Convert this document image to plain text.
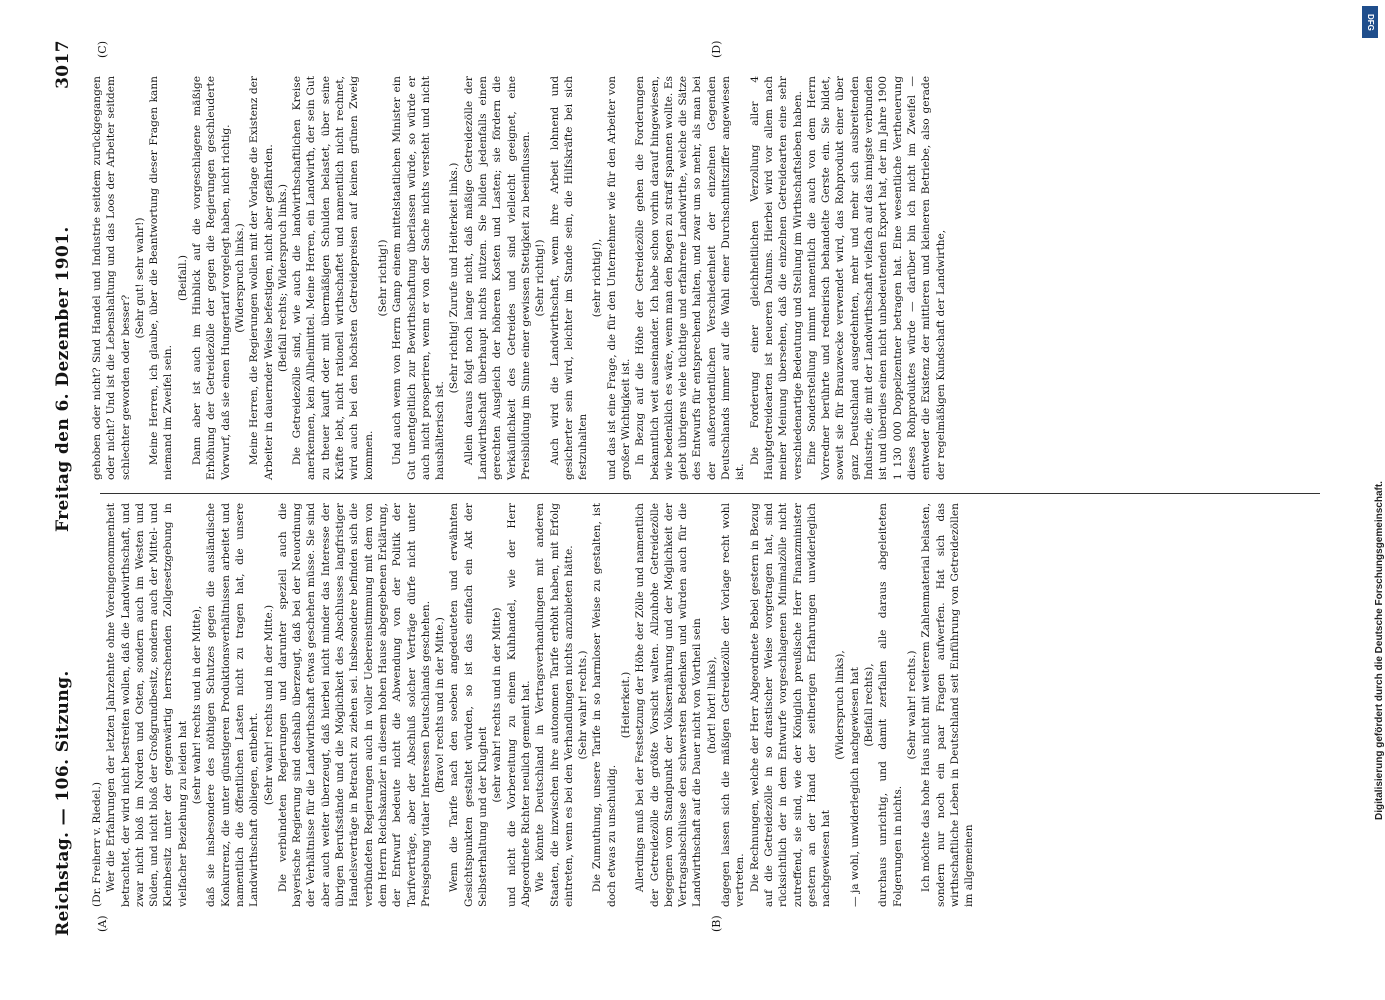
Reichstag. — 106. Sitzung.
Freitag den 6. Dezember 1901.
3017
(A)	(B)
(C)	(D)

(Dr. Freiherr v. Riedel.) Wer die Erfahrungen der letzten Jahrzehnte ohne Voreingenommenheit betrachtet, der wird nicht bestreiten wollen, daß die Landwirthschaft, und zwar nicht bloß im Norden und Osten, sondern auch im Westen und Süden, und nicht bloß der Großgrundbesitz, sondern auch der Mittel- und Kleinbesitz unter der gegenwärtig herrschenden Zollgesetzgebung in vielfacher Beziehung zu leiden hat

(sehr wahr! rechts und in der Mitte), daß sie insbesondere des nöthigen Schutzes gegen die ausländische Konkurrenz, die unter günstigeren Produktionsverhältnissen arbeitet und namentlich die öffentlichen Lasten nicht zu tragen hat, die unsere Landwirthschaft obliegen, entbehrt.

(Sehr wahr! rechts und in der Mitte.) Die verbündeten Regierungen und darunter speziell auch die bayerische Regierung sind deshalb überzeugt, daß bei der Neuordnung der Verhältnisse für die Landwirthschaft etwas geschehen müsse. Sie sind aber auch weiter überzeugt, daß hierbei nicht minder das Interesse der übrigen Berufsstände und die Möglichkeit des Abschlusses langfristiger Handelsverträge in Betracht zu ziehen sei. Insbesondere befinden sich die verbündeten Regierungen auch in voller Uebereinstimmung mit dem von dem Herrn Reichskanzler in diesem hohen Hause abgegebenen Erklärung, der Entwurf bedeute nicht die Abwendung von der Politik der Tarifverträge, aber der Abschluß solcher Verträge dürfe nicht unter Preisgebung vitaler Interessen Deutschlands geschehen. (Bravo! rechts und in der Mitte.) Wenn die Tarife nach den soeben angedeuteten und erwähnten Gesichtspunkten gestaltet würden, so ist das einfach ein Akt der Selbsterhaltung und der Klugheit

(sehr wahr! rechts und in der Mitte) und nicht die Vorbereitung zu einem Kuhhandel, wie der Herr Abgeordnete Richter neulich gemeint hat. Wie könnte Deutschland in Vertragsverhandlungen mit anderen Staaten, die inzwischen ihre autonomen Tarife erhöht haben, mit Erfolg eintreten, wenn es bei den Verhandlungen nichts anzubieten hätte. (Sehr wahr! rechts.) Die Zumuthung, unsere Tarife in so harmloser Weise zu gestalten, ist doch etwas zu unschuldig.

(Heiterkeit.) Allerdings muß bei der Festsetzung der Höhe der Zölle und namentlich der Getreidezölle die größte Vorsicht walten. Allzuhohe Getreidezölle begegnen vom Standpunkt der Volksernährung und der Möglichkeit der Vertragsabschlüsse den schwersten Bedenken und würden auch für die Landwirthschaft auf die Dauer nicht von Vortheil sein (hört! hört! links), dagegen lassen sich die mäßigen Getreidezölle der Vorlage recht wohl vertreten. Die Rechnungen, welche der Herr Abgeordnete Bebel gestern in Bezug auf die Getreidezölle in so drastischer Weise vorgetragen hat, sind rücksichtlich der in dem Entwurfe vorgeschlagenen Minimalzölle nicht zutreffend, sie sind, wie der Königlich preußische Herr Finanzminister gestern an der Hand der seitherigen Erfahrungen unwiderleglich nachgewiesen hat

(Widerspruch links), — ja wohl, unwiderleglich nachgewiesen hat (Beifall rechts), durchaus unrichtig, und damit zerfallen alle daraus abgeleiteten Folgerungen in nichts.

(Sehr wahr! rechts.) Ich möchte das hohe Haus nicht mit weiterem Zahlenmaterial belasten, sondern nur noch ein paar Fragen aufwerfen. Hat sich das wirthschaftliche Leben in Deutschland seit Einführung von Getreidezöllen im allgemeinen

gehoben oder nicht? Sind Handel und Industrie seitdem zurückgegangen oder nicht? Und ist die Lebenshaltung und das Loos der Arbeiter seitdem schlechter geworden oder besser?

(Sehr gut! sehr wahr!) Meine Herren, ich glaube, über die Beantwortung dieser Fragen kann niemand im Zweifel sein.

(Beifall.) Dann aber ist auch im Hinblick auf die vorgeschlagene mäßige Erhöhung der Getreidezölle der gegen die Regierungen geschleuderte Vorwurf, daß sie einen Hungertarif vorgelegt haben, nicht richtig. (Widerspruch links.) Meine Herren, die Regierungen wollen mit der Vorlage die Existenz der Arbeiter in dauernder Weise befestigen, nicht aber gefährden. (Beifall rechts; Widerspruch links.) Die Getreidezölle sind, wie auch die landwirthschaftlichen Kreise anerkennen, kein Allheilmittel. Meine Herren, ein Landwirth, der sein Gut zu theuer kauft oder mit übermäßigen Schulden belastet, über seine Kräfte lebt, nicht rationell wirthschaftet und namentlich nicht rechnet, wird auch bei den höchsten Getreidepreisen auf keinen grünen Zweig kommen.

(Sehr richtig!) Und auch wenn von Herrn Gamp einem mittelstaatlichen Minister ein Gut unentgeltlich zur Bewirthschaftung überlassen würde, so würde er auch nicht prosperiren, wenn er von der Sache nichts versteht und nicht haushälterisch ist.

(Sehr richtig! Zurufe und Heiterkeit links.) Allein daraus folgt noch lange nicht, daß mäßige Getreidezölle der Landwirthschaft überhaupt nichts nützen. Sie bilden jedenfalls einen gerechten Ausgleich der höheren Kosten und Lasten; sie fördern die Verkäuflichkeit des Getreides und sind vielleicht geeignet, eine Preisbildung im Sinne einer gewissen Stetigkeit zu beeinflussen. (Sehr richtig!) Auch wird die Landwirthschaft, wenn ihre Arbeit lohnend und gesicherter sein wird, leichter im Stande sein, die Hilfskräfte bei sich festzuhalten

(sehr richtig!), und das ist eine Frage, die für den Unternehmer wie für den Arbeiter von großer Wichtigkeit ist. In Bezug auf die Höhe der Getreidezölle gehen die Forderungen bekanntlich weit auseinander. Ich habe schon vorhin darauf hingewiesen, wie bedenklich es wäre, wenn man den Bogen zu straff spannen wollte. Es giebt übrigens viele tüchtige und erfahrene Landwirthe, welche die Sätze des Entwurfs für entsprechend halten, und zwar um so mehr, als man bei der außerordentlichen Verschiedenheit der einzelnen Gegenden Deutschlands immer auf die Wahl einer Durchschnittsziffer angewiesen ist.

Die Forderung einer gleichheitlichen Verzollung aller 4 Hauptgetreidearten ist neueren Datums. Hierbei wird vor allem nach meiner Meinung übersehen, daß die einzelnen Getreidearten eine sehr verschiedenartige Bedeutung und Stellung im Wirthschaftsleben haben. Eine Sonderstellung nimmt namentlich die auch von dem Herrn Vorredner berührte und redneirisch behandelte Gerste ein. Sie bildet, soweit sie für Brauzwecke verwendet wird, das Rohprodukt einer über ganz Deutschland ausgedehnten, mehr und mehr sich ausbreitenden Industrie, die mit der Landwirthschaft vielfach auf das innigste verbunden ist und überdies einen nicht unbedeutenden Export hat, der im Jahre 1900 1 130 000 Doppelzentner betragen hat. Eine wesentliche Vertheuerung dieses Rohproduktes würde — darüber bin ich nicht im Zweifel — entweder die Existenz der mittleren und kleineren Betriebe, also gerade der regelmäßigen Kundschaft der Landwirthe,

Digitalisierung gefördert durch die Deutsche Forschungsgemeinschaft.
DFG
